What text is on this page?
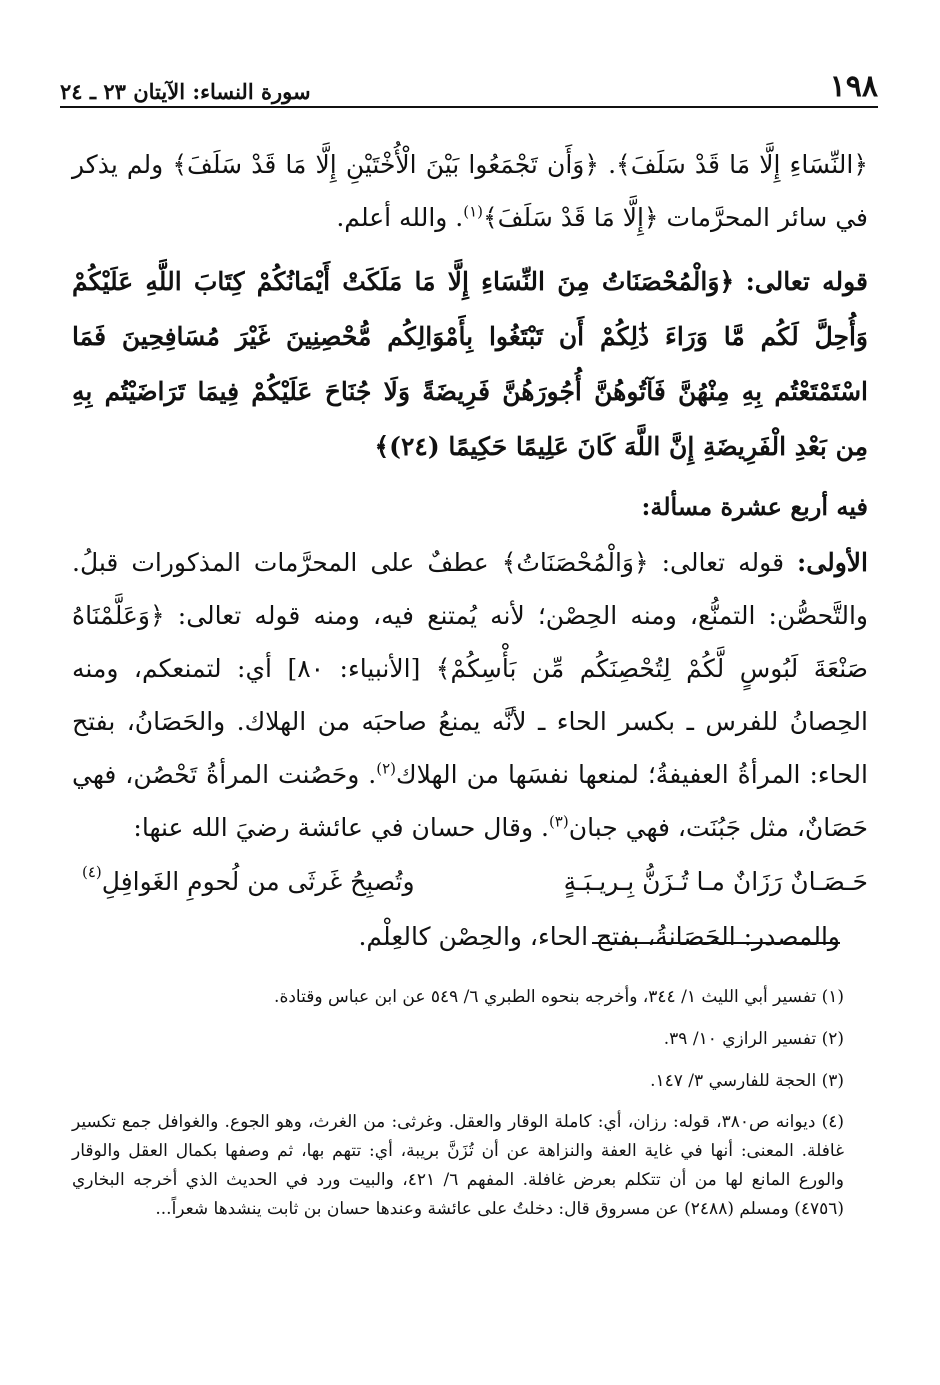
١٩٨
سورة النساء: الآيتان ٢٣ ـ ٢٤

﴿النِّسَاءِ إِلَّا مَا قَدْ سَلَفَ﴾. ﴿وَأَن تَجْمَعُوا بَيْنَ الْأُخْتَيْنِ إِلَّا مَا قَدْ سَلَفَ﴾ ولم يذكر في سائر المحرَّمات ﴿إِلَّا مَا قَدْ سَلَفَ﴾$^{(١)}$. والله أعلم.

قوله تعالى: ﴿وَالْمُحْصَنَاتُ مِنَ النِّسَاءِ إِلَّا مَا مَلَكَتْ أَيْمَانُكُمْ كِتَابَ اللَّهِ عَلَيْكُمْ وَأُحِلَّ لَكُم مَّا وَرَاءَ ذَٰلِكُمْ أَن تَبْتَغُوا بِأَمْوَالِكُم مُّحْصِنِينَ غَيْرَ مُسَافِحِينَ فَمَا اسْتَمْتَعْتُم بِهِ مِنْهُنَّ فَآتُوهُنَّ أُجُورَهُنَّ فَرِيضَةً وَلَا جُنَاحَ عَلَيْكُمْ فِيمَا تَرَاضَيْتُم بِهِ مِن بَعْدِ الْفَرِيضَةِ إِنَّ اللَّهَ كَانَ عَلِيمًا حَكِيمًا (٢٤)﴾

فيه أربع عشرة مسألة:

الأولى: قوله تعالى: ﴿وَالْمُحْصَنَاتُ﴾ عطفٌ على المحرَّمات المذكورات قبلُ. والتَّحصُّن: التمنُّع، ومنه الحِصْن؛ لأنه يُمتنع فيه، ومنه قوله تعالى: ﴿وَعَلَّمْنَاهُ صَنْعَةَ لَبُوسٍ لَّكُمْ لِتُحْصِنَكُم مِّن بَأْسِكُمْ﴾ [الأنبياء: ٨٠] أي: لتمنعكم، ومنه الحِصانُ للفرس ـ بكسر الحاء ـ لأنَّه يمنعُ صاحبَه من الهلاك. والحَصَانُ، بفتح الحاء: المرأةُ العفيفةُ؛ لمنعها نفسَها من الهلاك$^{(٢)}$. وحَصُنت المرأةُ تَحْصُن، فهي حَصَانٌ، مثل جَبُنَت، فهي جبان$^{(٣)}$. وقال حسان في عائشة رضيَ الله عنها:

حَـصَـانٌ رَزَانٌ مـا تُـزَنُّ بِـريـبَـةٍ
وتُصبِحُ غَرثَى من لُحومِ الغَوافِلِ$^{(٤)}$

والمصدر: الحَصَانةُ، بفتح الحاء، والحِصْن كالعِلْم.

(١) تفسير أبي الليث ١/ ٣٤٤، وأخرجه بنحوه الطبري ٦/ ٥٤٩ عن ابن عباس وقتادة.

(٢) تفسير الرازي ١٠/ ٣٩.

(٣) الحجة للفارسي ٣/ ١٤٧.

(٤) ديوانه ص٣٨٠، قوله: رزان، أي: كاملة الوقار والعقل. وغرثى: من الغرث، وهو الجوع. والغوافل جمع تكسير غافلة. المعنى: أنها في غاية العفة والنزاهة عن أن تُزَنَّ بريبة، أي: تتهم بها، ثم وصفها بكمال العقل والوقار والورع المانع لها من أن تتكلم بعرض غافلة. المفهم ٦/ ٤٢١، والبيت ورد في الحديث الذي أخرجه البخاري (٤٧٥٦) ومسلم (٢٤٨٨) عن مسروق قال: دخلتُ على عائشة وعندها حسان بن ثابت ينشدها شعراً...
